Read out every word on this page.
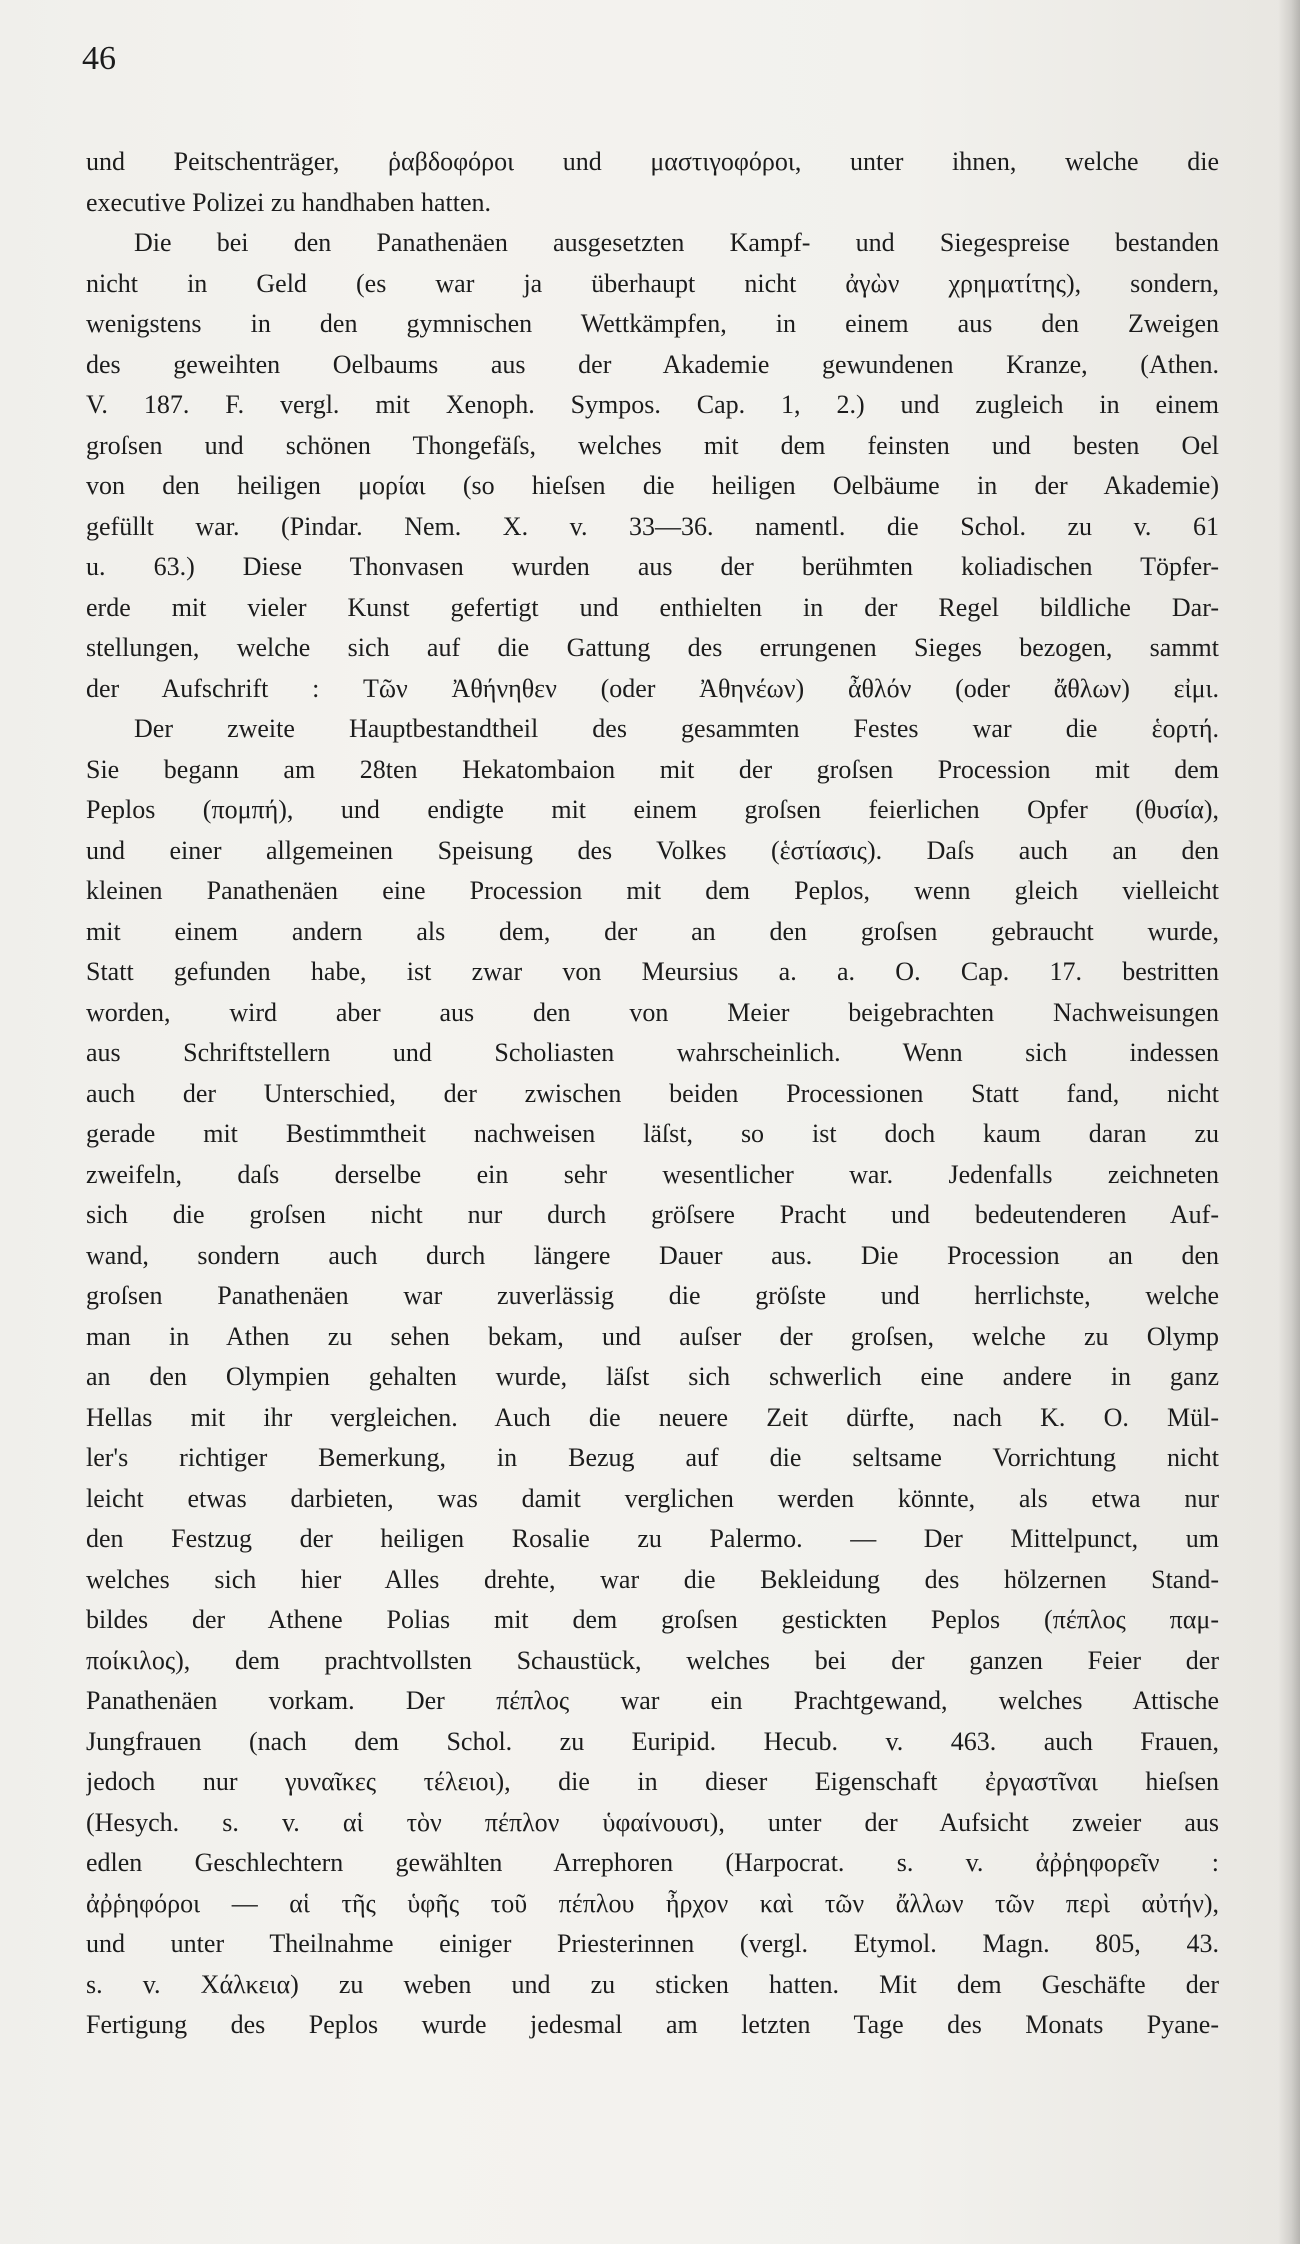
46
und Peitschenträger, ῥαβδοφόροι und μαστιγοφόροι, unter ihnen, welche die
executive Polizei zu handhaben hatten.
Die bei den Panathenäen ausgesetzten Kampf- und Siegespreise bestanden
nicht in Geld (es war ja überhaupt nicht ἀγὼν χρηματίτης), sondern,
wenigstens in den gymnischen Wettkämpfen, in einem aus den Zweigen
des geweihten Oelbaums aus der Akademie gewundenen Kranze, (Athen.
V. 187. F. vergl. mit Xenoph. Sympos. Cap. 1, 2.) und zugleich in einem
groſsen und schönen Thongefäſs, welches mit dem feinsten und besten Oel
von den heiligen μορίαι (so hieſsen die heiligen Oelbäume in der Akademie)
gefüllt war. (Pindar. Nem. X. v. 33—36. namentl. die Schol. zu v. 61
u. 63.) Diese Thonvasen wurden aus der berühmten koliadischen Töpfer-
erde mit vieler Kunst gefertigt und enthielten in der Regel bildliche Dar-
stellungen, welche sich auf die Gattung des errungenen Sieges bezogen, sammt
der Aufschrift : Τῶν Ἀθήνηθεν (oder Ἀθηνέων) ἆθλόν (oder ἄθλων) εἰμι.
Der zweite Hauptbestandtheil des gesammten Festes war die ἑορτή.
Sie begann am 28ten Hekatombaion mit der groſsen Procession mit dem
Peplos (πομπή), und endigte mit einem groſsen feierlichen Opfer (θυσία),
und einer allgemeinen Speisung des Volkes (ἑστίασις). Daſs auch an den
kleinen Panathenäen eine Procession mit dem Peplos, wenn gleich vielleicht
mit einem andern als dem, der an den groſsen gebraucht wurde,
Statt gefunden habe, ist zwar von Meursius a. a. O. Cap. 17. bestritten
worden, wird aber aus den von Meier beigebrachten Nachweisungen
aus Schriftstellern und Scholiasten wahrscheinlich. Wenn sich indessen
auch der Unterschied, der zwischen beiden Processionen Statt fand, nicht
gerade mit Bestimmtheit nachweisen läſst, so ist doch kaum daran zu
zweifeln, daſs derselbe ein sehr wesentlicher war. Jedenfalls zeichneten
sich die groſsen nicht nur durch gröſsere Pracht und bedeutenderen Auf-
wand, sondern auch durch längere Dauer aus. Die Procession an den
groſsen Panathenäen war zuverlässig die gröſste und herrlichste, welche
man in Athen zu sehen bekam, und auſser der groſsen, welche zu Olymp
an den Olympien gehalten wurde, läſst sich schwerlich eine andere in ganz
Hellas mit ihr vergleichen. Auch die neuere Zeit dürfte, nach K. O. Mül-
ler's richtiger Bemerkung, in Bezug auf die seltsame Vorrichtung nicht
leicht etwas darbieten, was damit verglichen werden könnte, als etwa nur
den Festzug der heiligen Rosalie zu Palermo. — Der Mittelpunct, um
welches sich hier Alles drehte, war die Bekleidung des hölzernen Stand-
bildes der Athene Polias mit dem groſsen gestickten Peplos (πέπλος παμ-
ποίκιλος), dem prachtvollsten Schaustück, welches bei der ganzen Feier der
Panathenäen vorkam. Der πέπλος war ein Prachtgewand, welches Attische
Jungfrauen (nach dem Schol. zu Euripid. Hecub. v. 463. auch Frauen,
jedoch nur γυναῖκες τέλειοι), die in dieser Eigenschaft ἐργαστῖναι hieſsen
(Hesych. s. v. αἱ τὸν πέπλον ὑφαίνουσι), unter der Aufsicht zweier aus
edlen Geschlechtern gewählten Arrephoren (Harpocrat. s. v. ἀῤῥηφορεῖν :
ἀῤῥηφόροι — αἱ τῆς ὑφῆς τοῦ πέπλου ἦρχον καὶ τῶν ἄλλων τῶν περὶ αὐτήν),
und unter Theilnahme einiger Priesterinnen (vergl. Etymol. Magn. 805, 43.
s. v. Χάλκεια) zu weben und zu sticken hatten. Mit dem Geschäfte der
Fertigung des Peplos wurde jedesmal am letzten Tage des Monats Pyane-
